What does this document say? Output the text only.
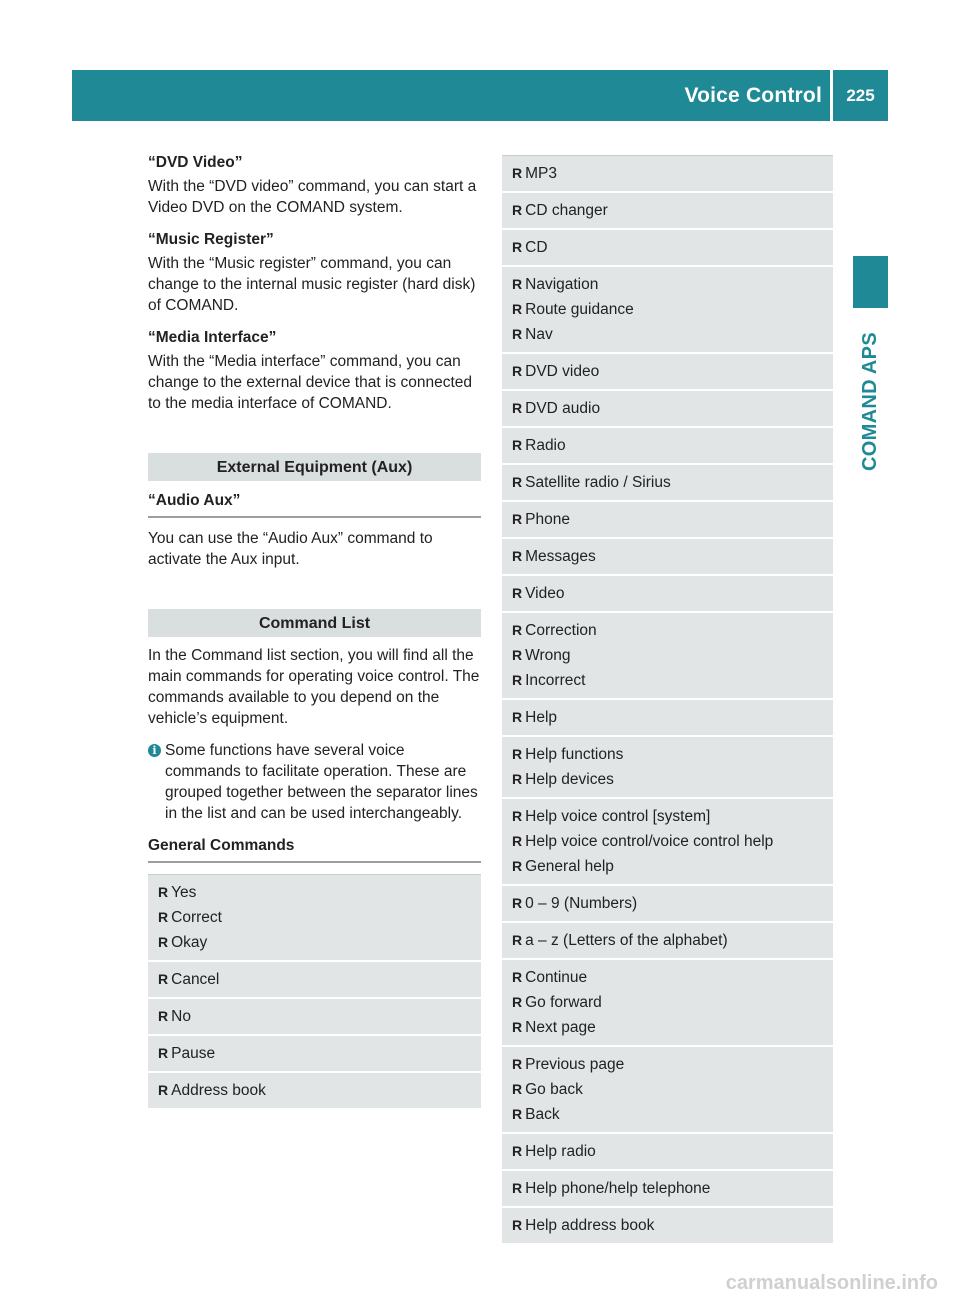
Voice Control	225
COMAND APS

“DVD Video”

With the “DVD video” command, you can start a Video DVD on the COMAND system.

“Music Register”

With the “Music register” command, you can change to the internal music register (hard disk) of COMAND.

“Media Interface”

With the “Media interface” command, you can change to the external device that is connected to the media interface of COMAND.

External Equipment (Aux)

“Audio Aux”

You can use the “Audio Aux” command to activate the Aux input.

Command List

In the Command list section, you will find all the main commands for operating voice control. The commands available to you depend on the vehicle’s equipment.

i Some functions have several voice commands to facilitate operation. These are grouped together between the separator lines in the list and can be used interchangeably.

General Commands

R Yes
R Correct
R Okay
R Cancel
R No
R Pause
R Address book
R MP3
R CD changer
R CD
R Navigation
R Route guidance
R Nav
R DVD video
R DVD audio
R Radio
R Satellite radio / Sirius
R Phone
R Messages
R Video
R Correction
R Wrong
R Incorrect
R Help
R Help functions
R Help devices
R Help voice control [system]
R Help voice control/voice control help
R General help
R 0 – 9 (Numbers)
R a – z (Letters of the alphabet)
R Continue
R Go forward
R Next page
R Previous page
R Go back
R Back
R Help radio
R Help phone/help telephone
R Help address book
carmanualsonline.info
